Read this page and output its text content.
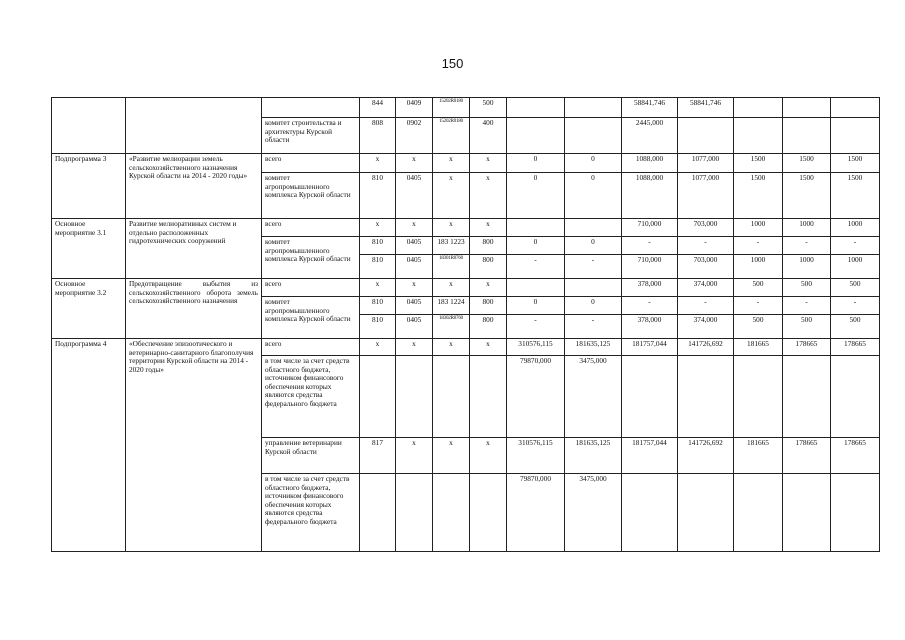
150
			844	0409	15202R0180	500			58841,746	58841,746			
		комитет строительства и архитектуры Курской области	808	0902	15202R0180	400			2445,000				
Подпрограмма 3	«Развитие мелиорации земель сельскохозяйственного назначения Курской области на 2014 - 2020 годы»	всего	х	х	х	х	0	0	1088,000	1077,000	1500	1500	1500
		комитет агропромышленного комплекса Курской области	810	0405	х	х	0	0	1088,000	1077,000	1500	1500	1500
Основное мероприятие 3.1	Развитие мелиоративных систем и отдельно расположенных гидротехнических сооружений	всего	х	х	х	х			710,000	703,000	1000	1000	1000
		комитет агропромышленного комплекса Курской области	810	0405	183 1223	800	0	0	-	-	-	-	-
			810	0405	18301R0760	800	-	-	710,000	703,000	1000	1000	1000
Основное мероприятие 3.2	Предотвращение выбытия из сельскохозяйственного оборота земель сельскохозяйственного назначения	всего	х	х	х	х			378,000	374,000	500	500	500
		комитет агропромышленного комплекса Курской области	810	0405	183 1224	800	0	0	-	-	-	-	-
			810	0405	18302R0760	800	-	-	378,000	374,000	500	500	500
Подпрограмма 4	«Обеспечение эпизоотического и ветеринарно-санитарного благополучия территории Курской области на 2014 - 2020 годы»	всего	х	х	х	х	310576,115	181635,125	181757,044	141726,692	181665	178665	178665
		в том числе за счет средств областного бюджета, источником финансового обеспечения которых являются средства федерального бюджета					79870,000	3475,000					
		управление ветеринарии Курской области	817	х	х	х	310576,115	181635,125	181757,044	141726,692	181665	178665	178665
		в том числе за счет средств областного бюджета, источником финансового обеспечения которых являются средства федерального бюджета					79870,000	3475,000					
